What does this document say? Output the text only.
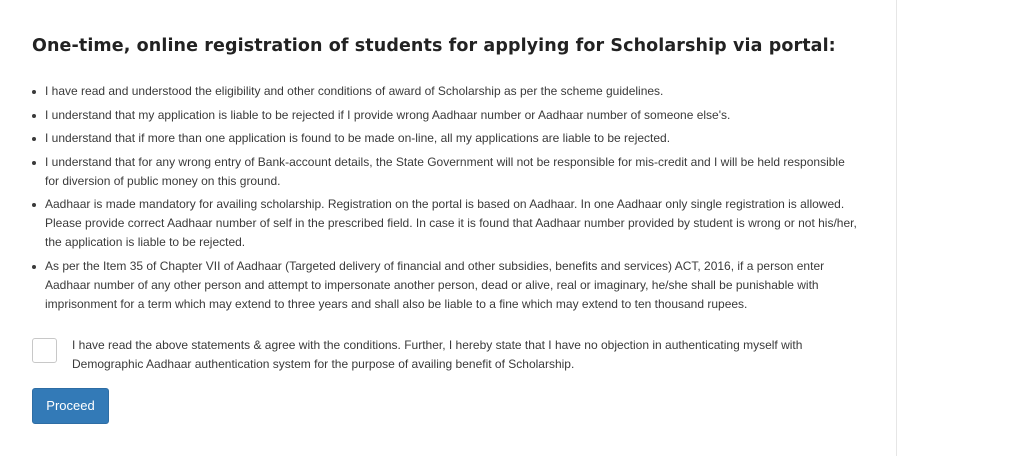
One-time, online registration of students for applying for Scholarship via portal:
I have read and understood the eligibility and other conditions of award of Scholarship as per the scheme guidelines.
I understand that my application is liable to be rejected if I provide wrong Aadhaar number or Aadhaar number of someone else's.
I understand that if more than one application is found to be made on-line, all my applications are liable to be rejected.
I understand that for any wrong entry of Bank-account details, the State Government will not be responsible for mis-credit and I will be held responsible for diversion of public money on this ground.
Aadhaar is made mandatory for availing scholarship. Registration on the portal is based on Aadhaar. In one Aadhaar only single registration is allowed. Please provide correct Aadhaar number of self in the prescribed field. In case it is found that Aadhaar number provided by student is wrong or not his/her, the application is liable to be rejected.
As per the Item 35 of Chapter VII of Aadhaar (Targeted delivery of financial and other subsidies, benefits and services) ACT, 2016, if a person enter Aadhaar number of any other person and attempt to impersonate another person, dead or alive, real or imaginary, he/she shall be punishable with imprisonment for a term which may extend to three years and shall also be liable to a fine which may extend to ten thousand rupees.
I have read the above statements & agree with the conditions. Further, I hereby state that I have no objection in authenticating myself with Demographic Aadhaar authentication system for the purpose of availing benefit of Scholarship.
Proceed
